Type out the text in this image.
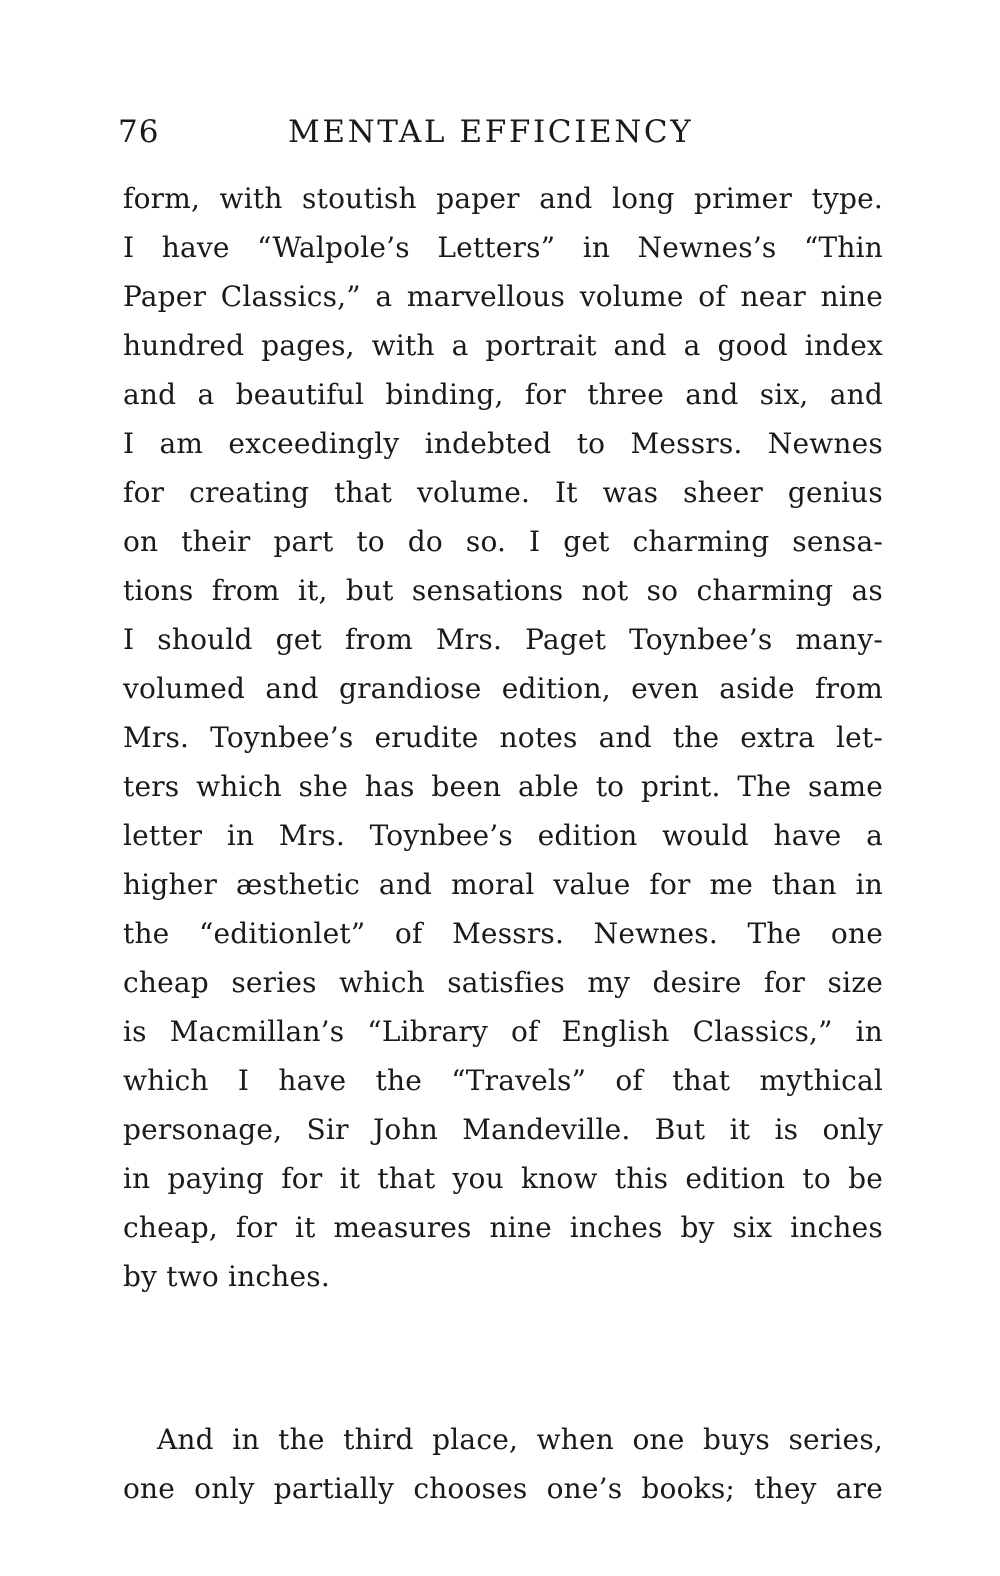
76	MENTAL EFFICIENCY
form, with stoutish paper and long primer type.
I have “Walpole’s Letters” in Newnes’s “Thin
Paper Classics,” a marvellous volume of near nine
hundred pages, with a portrait and a good index
and a beautiful binding, for three and six, and
I am exceedingly indebted to Messrs. Newnes
for creating that volume. It was sheer genius
on their part to do so. I get charming sensa-
tions from it, but sensations not so charming as
I should get from Mrs. Paget Toynbee’s many-
volumed and grandiose edition, even aside from
Mrs. Toynbee’s erudite notes and the extra let-
ters which she has been able to print. The same
letter in Mrs. Toynbee’s edition would have a
higher æsthetic and moral value for me than in
the “editionlet” of Messrs. Newnes. The one
cheap series which satisfies my desire for size
is Macmillan’s “Library of English Classics,” in
which I have the “Travels” of that mythical
personage, Sir John Mandeville. But it is only
in paying for it that you know this edition to be
cheap, for it measures nine inches by six inches
by two inches.
And in the third place, when one buys series,
one only partially chooses one’s books; they are
